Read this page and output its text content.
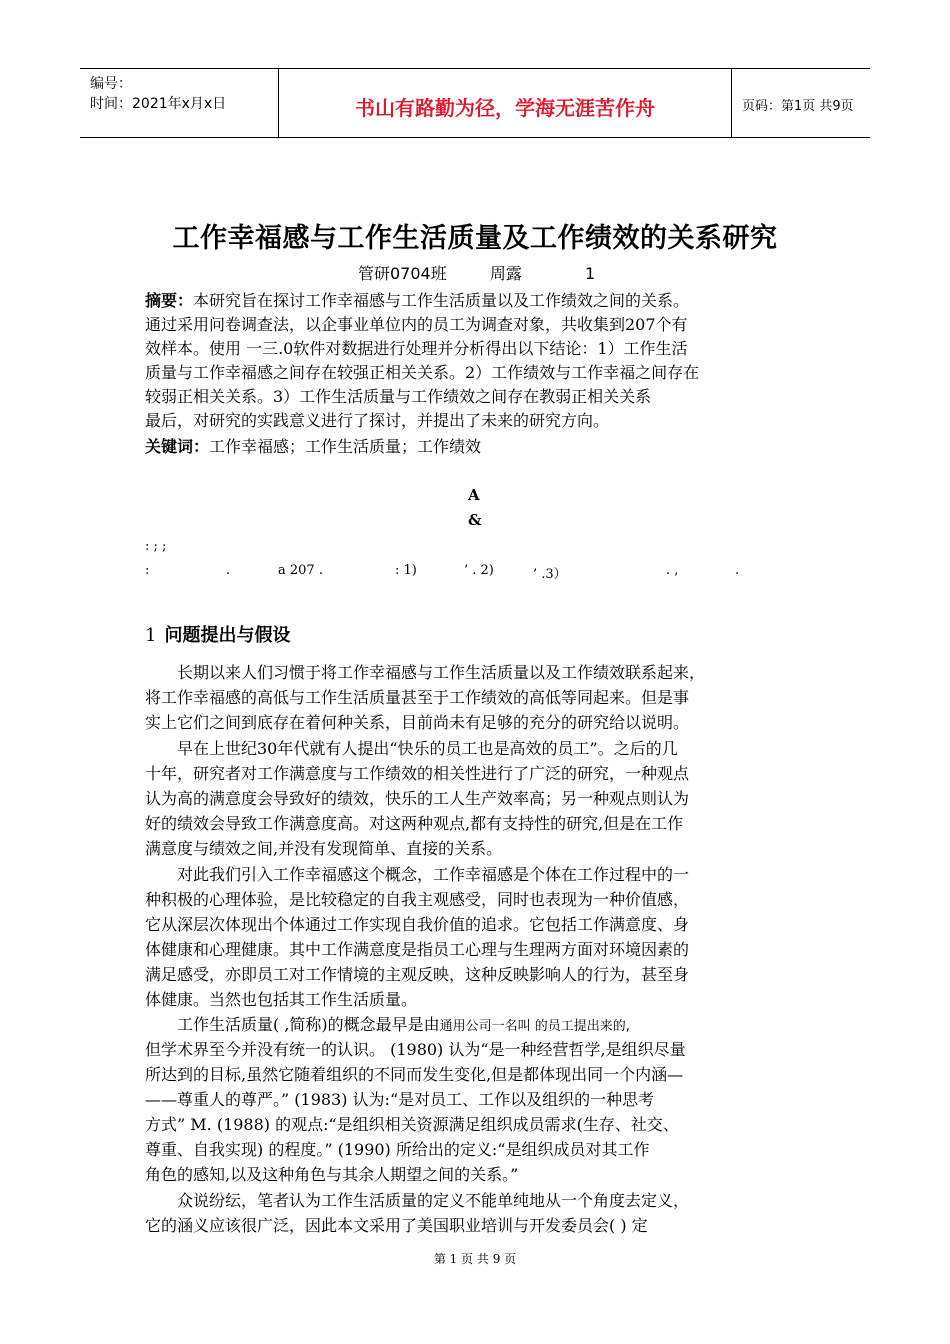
编号：
时间：2021年x月x日	书山有路勤为径，学海无涯苦作舟	页码：第1页 共9页
工作幸福感与工作生活质量及工作绩效的关系研究
管研0704班	周露	1
摘要：本研究旨在探讨工作幸福感与工作生活质量以及工作绩效之间的关系。
通过采用问卷调查法，以企事业单位内的员工为调查对象，共收集到207个有
效样本。使用 一三.0软件对数据进行处理并分析得出以下结论：1）工作生活
质量与工作幸福感之间存在较强正相关关系。2）工作绩效与工作幸福之间存在
较弱正相关关系。3）工作生活质量与工作绩效之间存在教弱正相关关系
最后，对研究的实践意义进行了探讨，并提出了未来的研究方向。
关键词：工作幸福感；工作生活质量；工作绩效
A
&
: ; ;
:	.	a 207 .	: 1)	’ . 2)	’ .3）	. ,	.
1 问题提出与假设
长期以来人们习惯于将工作幸福感与工作生活质量以及工作绩效联系起来，
将工作幸福感的高低与工作生活质量甚至于工作绩效的高低等同起来。但是事
实上它们之间到底存在着何种关系，目前尚未有足够的充分的研究给以说明。
早在上世纪30年代就有人提出“快乐的员工也是高效的员工”。之后的几
十年，研究者对工作满意度与工作绩效的相关性进行了广泛的研究，一种观点
认为高的满意度会导致好的绩效，快乐的工人生产效率高；另一种观点则认为
好的绩效会导致工作满意度高。对这两种观点,都有支持性的研究,但是在工作
满意度与绩效之间,并没有发现简单、直接的关系。
对此我们引入工作幸福感这个概念，工作幸福感是个体在工作过程中的一
种积极的心理体验，是比较稳定的自我主观感受，同时也表现为一种价值感，
它从深层次体现出个体通过工作实现自我价值的追求。它包括工作满意度、身
体健康和心理健康。其中工作满意度是指员工心理与生理两方面对环境因素的
满足感受，亦即员工对工作情境的主观反映，这种反映影响人的行为，甚至身
体健康。当然也包括其工作生活质量。
工作生活质量( ,简称)的概念最早是由通用公司一名叫 的员工提出来的,
但学术界至今并没有统一的认识。 (1980) 认为“是一种经营哲学,是组织尽量
所达到的目标,虽然它随着组织的不同而发生变化,但是都体现出同一个内涵—
——尊重人的尊严。” (1983) 认为:“是对员工、工作以及组织的一种思考
方式” M. (1988) 的观点:“是组织相关资源满足组织成员需求(生存、社交、
尊重、自我实现) 的程度。” (1990) 所给出的定义:“是组织成员对其工作
角色的感知,以及这种角色与其余人期望之间的关系。”
众说纷纭，笔者认为工作生活质量的定义不能单纯地从一个角度去定义，
它的涵义应该很广泛，因此本文采用了美国职业培训与开发委员会( ) 定
第 1 页 共 9 页
